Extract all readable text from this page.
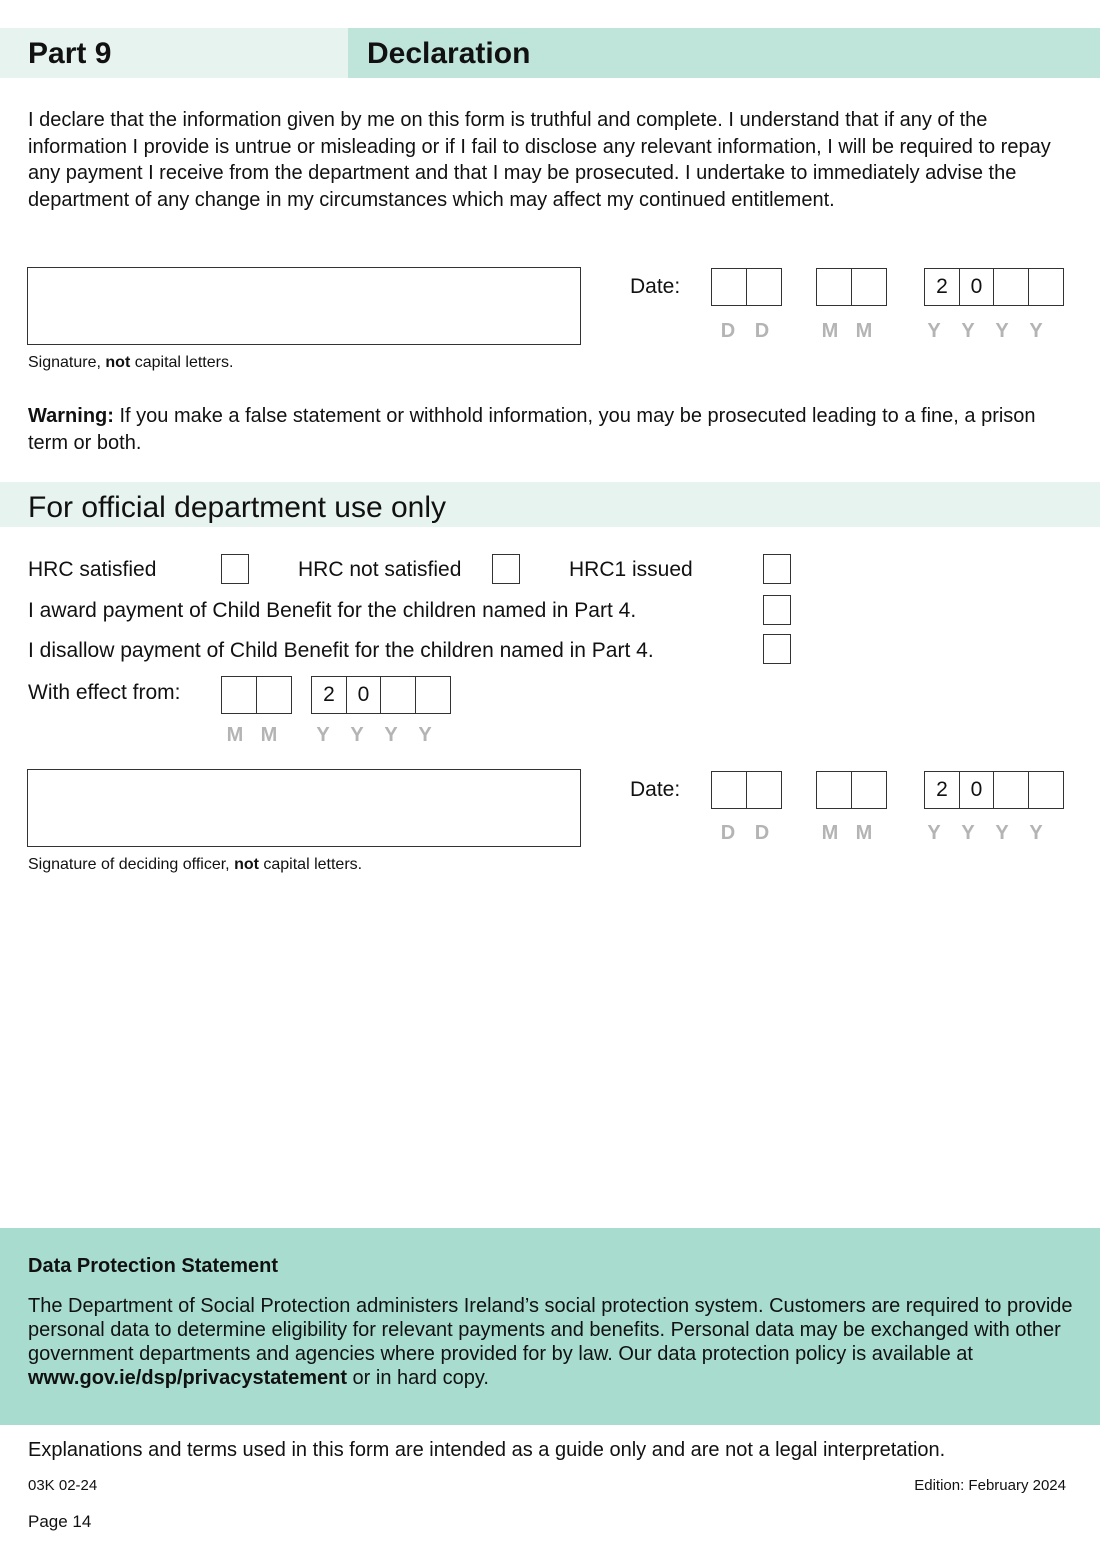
Part 9	Declaration
I declare that the information given by me on this form is truthful and complete. I understand that if any of the information I provide is untrue or misleading or if I fail to disclose any relevant information, I will be required to repay any payment I receive from the department and that I may be prosecuted. I undertake to immediately advise the department of any change in my circumstances which may affect my continued entitlement.
Signature, not capital letters.
Date:	2	0
D D	M M	Y	Y	Y	Y
Warning: If you make a false statement or withhold information, you may be prosecuted leading to a fine, a prison term or both.
For official department use only
HRC satisfied	HRC not satisfied	HRC1 issued
I award payment of Child Benefit for the children named in Part 4.
I disallow payment of Child Benefit for the children named in Part 4.
With effect from:	2	0
M M	Y	Y	Y	Y
Signature of deciding officer, not capital letters.
Date:	2	0
D D	M M	Y	Y	Y	Y
Data Protection Statement
The Department of Social Protection administers Ireland’s social protection system. Customers are required to provide personal data to determine eligibility for relevant payments and benefits. Personal data may be exchanged with other government departments and agencies where provided for by law. Our data protection policy is available at www.gov.ie/dsp/privacystatement or in hard copy.
Explanations and terms used in this form are intended as a guide only and are not a legal interpretation.
03K 02-24	Edition: February 2024
Page 14
